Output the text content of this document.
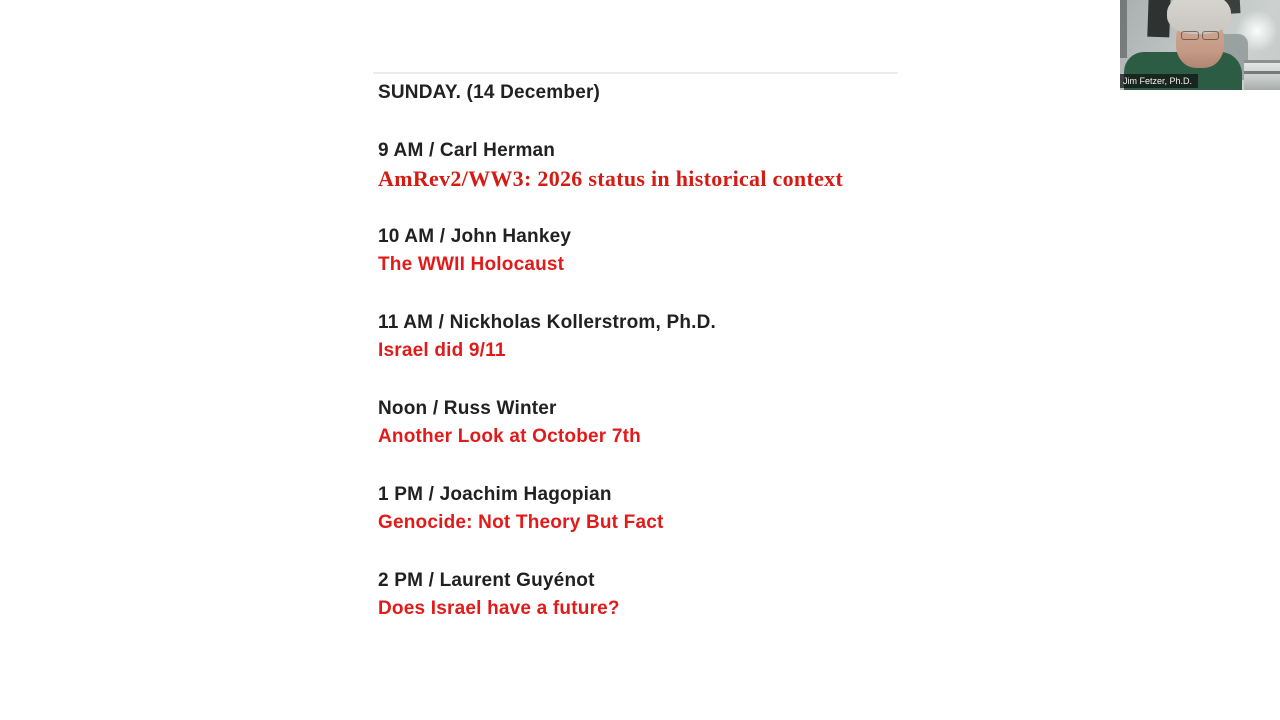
SUNDAY. (14 December)

9 AM / Carl Herman

AmRev2/WW3: 2026 status in historical context

10 AM / John Hankey

The WWII Holocaust

11 AM / Nickholas Kollerstrom, Ph.D.

Israel did 9/11

Noon / Russ Winter

Another Look at October 7th

1 PM / Joachim Hagopian

Genocide: Not Theory But Fact

2 PM / Laurent Guyénot

Does Israel have a future?

Jim Fetzer, Ph.D.
